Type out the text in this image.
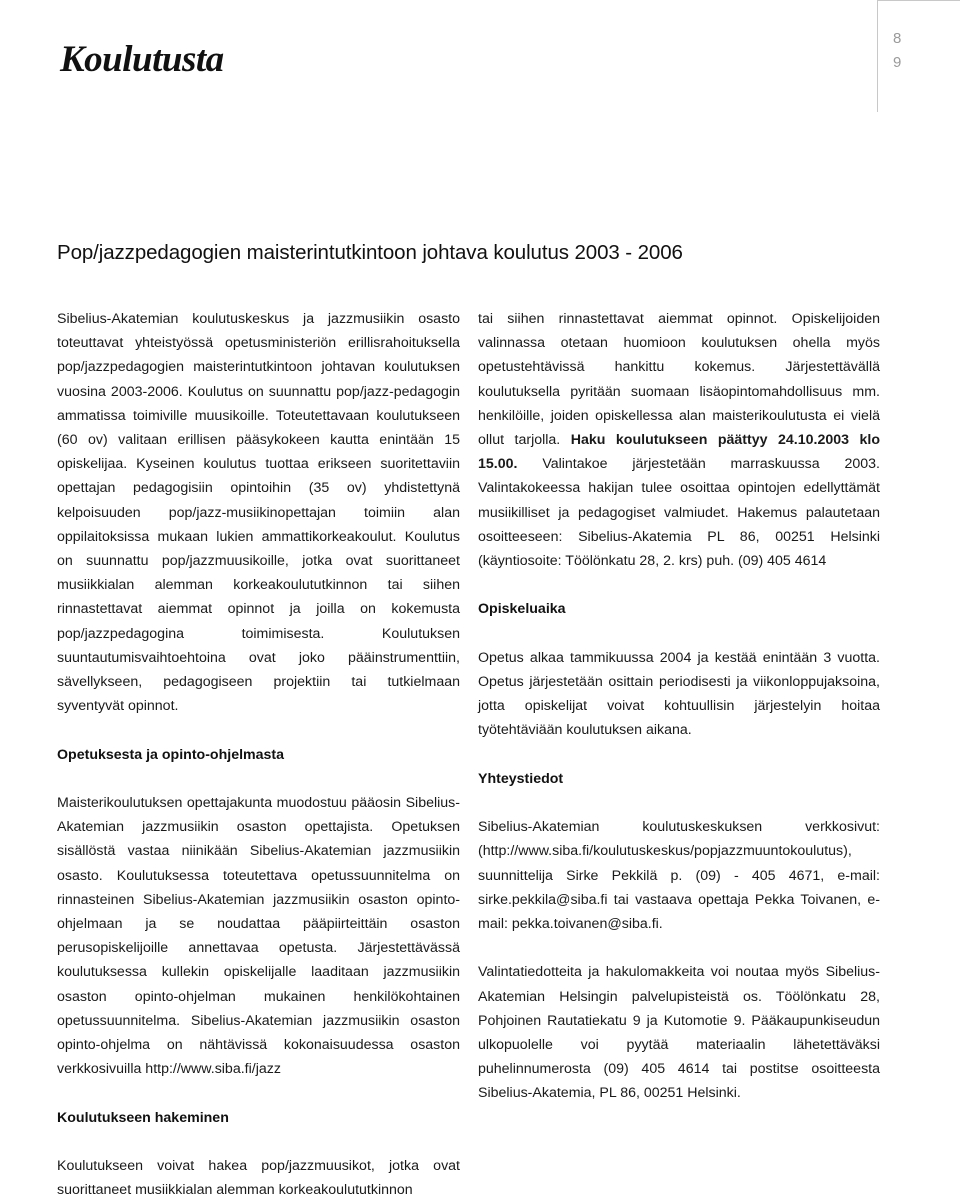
8
9
Koulutusta
Pop/jazzpedagogien maisterintutkintoon johtava koulutus 2003 - 2006

Sibelius-Akatemian koulutuskeskus ja jazzmusiikin osasto toteuttavat yhteistyössä opetusministeriön erillisrahoituksella pop/jazzpedagogien maisterintutkintoon johtavan koulutuksen vuosina 2003-2006. Koulutus on suunnattu pop/jazz-pedagogin ammatissa toimiville muusikoille. Toteutettavaan koulutukseen (60 ov) valitaan erillisen pääsykokeen kautta enintään 15 opiskelijaa. Kyseinen koulutus tuottaa erikseen suoritettaviin opettajan pedagogisiin opintoihin (35 ov) yhdistettynä kelpoisuuden pop/jazz-musiikinopettajan toimiin alan oppilaitoksissa mukaan lukien ammattikorkeakoulut. Koulutus on suunnattu pop/jazzmuusikoille, jotka ovat suorittaneet musiikkialan alemman korkeakoulututkinnon tai siihen rinnastettavat aiemmat opinnot ja joilla on kokemusta pop/jazzpedagogina toimimisesta. Koulutuksen suuntautumisvaihtoehtoina ovat joko pääinstrumenttiin, sävellykseen, pedagogiseen projektiin tai tutkielmaan syventyvät opinnot.

Opetuksesta ja opinto-ohjelmasta

Maisterikoulutuksen opettajakunta muodostuu pääosin Sibelius-Akatemian jazzmusiikin osaston opettajista. Opetuksen sisällöstä vastaa niinikään Sibelius-Akatemian jazzmusiikin osasto. Koulutuksessa toteutettava opetussuunnitelma on rinnasteinen Sibelius-Akatemian jazzmusiikin osaston opinto-ohjelmaan ja se noudattaa pääpiirteittäin osaston perusopiskelijoille annettavaa opetusta. Järjestettävässä koulutuksessa kullekin opiskelijalle laaditaan jazzmusiikin osaston opinto-ohjelman mukainen henkilökohtainen opetussuunnitelma. Sibelius-Akatemian jazzmusiikin osaston opinto-ohjelma on nähtävissä kokonaisuudessa osaston verkkosivuilla http://www.siba.fi/jazz

Koulutukseen hakeminen

Koulutukseen voivat hakea pop/jazzmuusikot, jotka ovat suorittaneet musiikkialan alemman korkeakoulututkinnon

tai siihen rinnastettavat aiemmat opinnot. Opiskelijoiden valinnassa otetaan huomioon koulutuksen ohella myös opetustehtävissä hankittu kokemus. Järjestettävällä koulutuksella pyritään suomaan lisäopintomahdollisuus mm. henkilöille, joiden opiskellessa alan maisterikoulutusta ei vielä ollut tarjolla. Haku koulutukseen päättyy 24.10.2003 klo 15.00. Valintakoe järjestetään marraskuussa 2003. Valintakokeessa hakijan tulee osoittaa opintojen edellyttämät musiikilliset ja pedagogiset valmiudet. Hakemus palautetaan osoitteeseen: Sibelius-Akatemia PL 86, 00251 Helsinki (käyntiosoite: Töölönkatu 28, 2. krs) puh. (09) 405 4614

Opiskeluaika

Opetus alkaa tammikuussa 2004 ja kestää enintään 3 vuotta. Opetus järjestetään osittain periodisesti ja viikonloppujaksoina, jotta opiskelijat voivat kohtuullisin järjestelyin hoitaa työtehtäviään koulutuksen aikana.

Yhteystiedot

Sibelius-Akatemian koulutuskeskuksen verkkosivut: (http://www.siba.fi/koulutuskeskus/popjazzmuuntokoulutus), suunnittelija Sirke Pekkilä p. (09) - 405 4671, e-mail: sirke.pekkila@siba.fi tai vastaava opettaja Pekka Toivanen, e-mail: pekka.toivanen@siba.fi.

Valintatiedotteita ja hakulomakkeita voi noutaa myös Sibelius-Akatemian Helsingin palvelupisteistä os. Töölönkatu 28, Pohjoinen Rautatiekatu 9 ja Kutomotie 9. Pääkaupunkiseudun ulkopuolelle voi pyytää materiaalin lähetettäväksi puhelinnumerosta (09) 405 4614 tai postitse osoitteesta Sibelius-Akatemia, PL 86, 00251 Helsinki.
